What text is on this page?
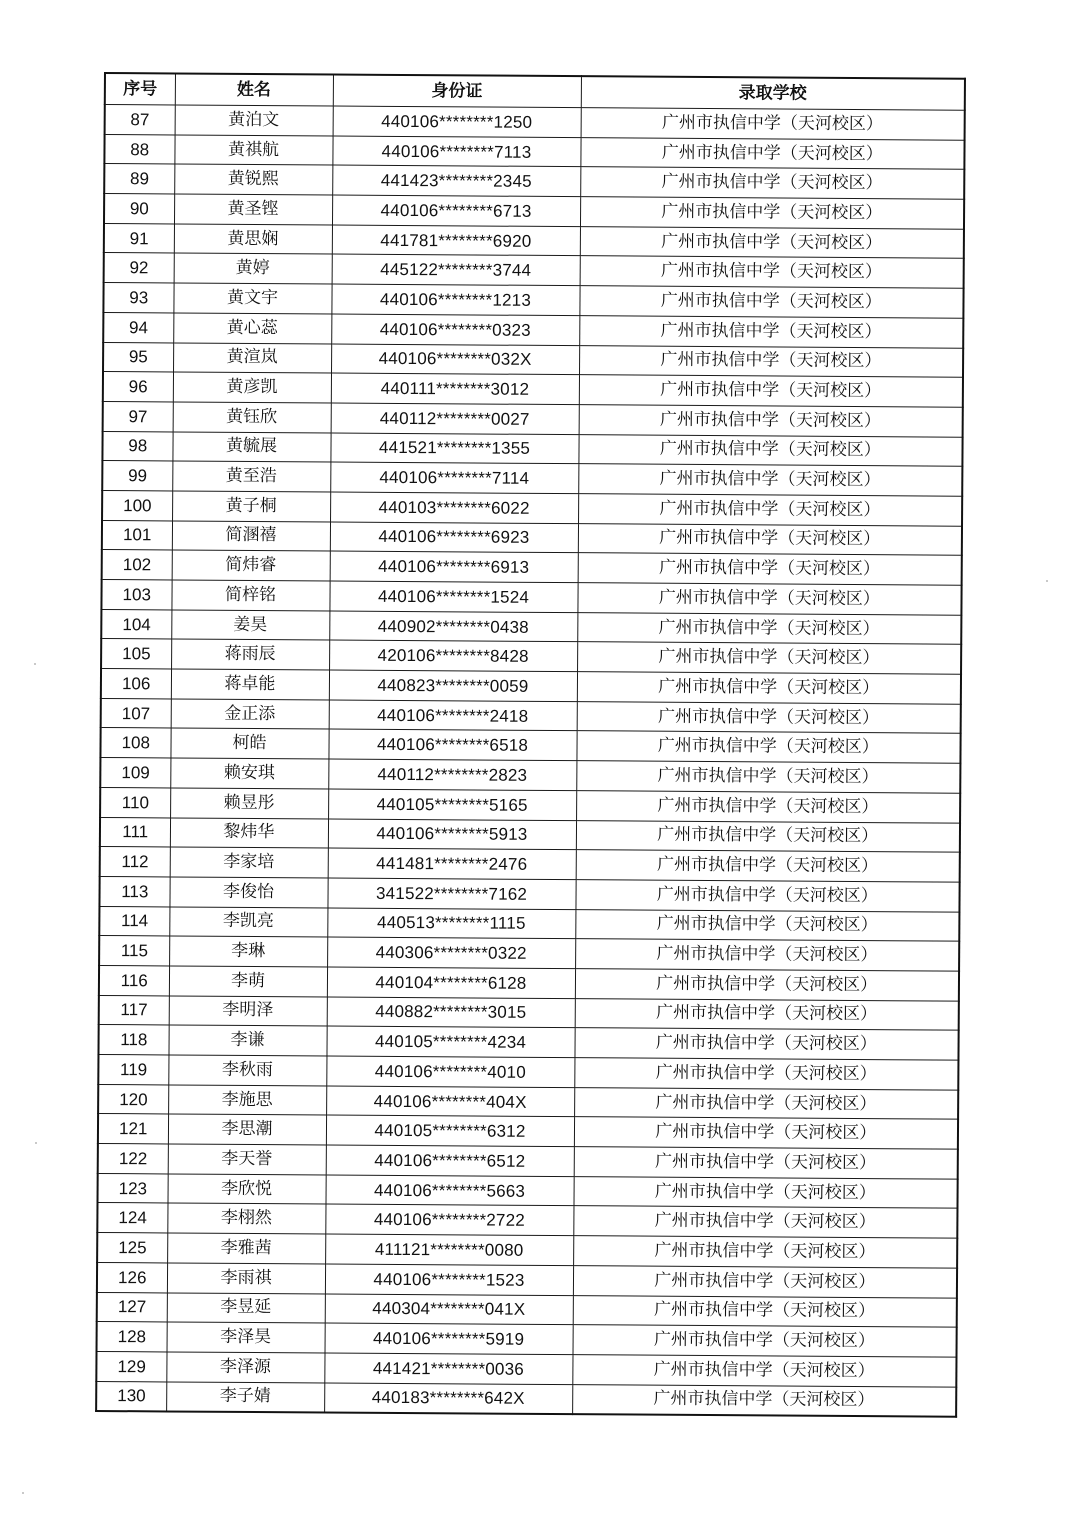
序号	姓名	身份证	录取学校
87	黄泊文	440106********1250	广州市执信中学（天河校区）
88	黄祺航	440106********7113	广州市执信中学（天河校区）
89	黄锐熙	441423********2345	广州市执信中学（天河校区）
90	黄圣铿	440106********6713	广州市执信中学（天河校区）
91	黄思娴	441781********6920	广州市执信中学（天河校区）
92	黄婷	445122********3744	广州市执信中学（天河校区）
93	黄文宇	440106********1213	广州市执信中学（天河校区）
94	黄心蕊	440106********0323	广州市执信中学（天河校区）
95	黄渲岚	440106********032X	广州市执信中学（天河校区）
96	黄彦凯	440111********3012	广州市执信中学（天河校区）
97	黄钰欣	440112********0027	广州市执信中学（天河校区）
98	黄毓展	441521********1355	广州市执信中学（天河校区）
99	黄至浩	440106********7114	广州市执信中学（天河校区）
100	黄子桐	440103********6022	广州市执信中学（天河校区）
101	简溷禧	440106********6923	广州市执信中学（天河校区）
102	简炜睿	440106********6913	广州市执信中学（天河校区）
103	简梓铭	440106********1524	广州市执信中学（天河校区）
104	姜昊	440902********0438	广州市执信中学（天河校区）
105	蒋雨辰	420106********8428	广州市执信中学（天河校区）
106	蒋卓能	440823********0059	广州市执信中学（天河校区）
107	金正添	440106********2418	广州市执信中学（天河校区）
108	柯皓	440106********6518	广州市执信中学（天河校区）
109	赖安琪	440112********2823	广州市执信中学（天河校区）
110	赖昱彤	440105********5165	广州市执信中学（天河校区）
111	黎炜华	440106********5913	广州市执信中学（天河校区）
112	李家培	441481********2476	广州市执信中学（天河校区）
113	李俊怡	341522********7162	广州市执信中学（天河校区）
114	李凯亮	440513********1115	广州市执信中学（天河校区）
115	李琳	440306********0322	广州市执信中学（天河校区）
116	李萌	440104********6128	广州市执信中学（天河校区）
117	李明泽	440882********3015	广州市执信中学（天河校区）
118	李谦	440105********4234	广州市执信中学（天河校区）
119	李秋雨	440106********4010	广州市执信中学（天河校区）
120	李施思	440106********404X	广州市执信中学（天河校区）
121	李思潮	440105********6312	广州市执信中学（天河校区）
122	李天誉	440106********6512	广州市执信中学（天河校区）
123	李欣悦	440106********5663	广州市执信中学（天河校区）
124	李栩然	440106********2722	广州市执信中学（天河校区）
125	李雅茜	411121********0080	广州市执信中学（天河校区）
126	李雨祺	440106********1523	广州市执信中学（天河校区）
127	李昱延	440304********041X	广州市执信中学（天河校区）
128	李泽昊	440106********5919	广州市执信中学（天河校区）
129	李泽源	441421********0036	广州市执信中学（天河校区）
130	李子婧	440183********642X	广州市执信中学（天河校区）
